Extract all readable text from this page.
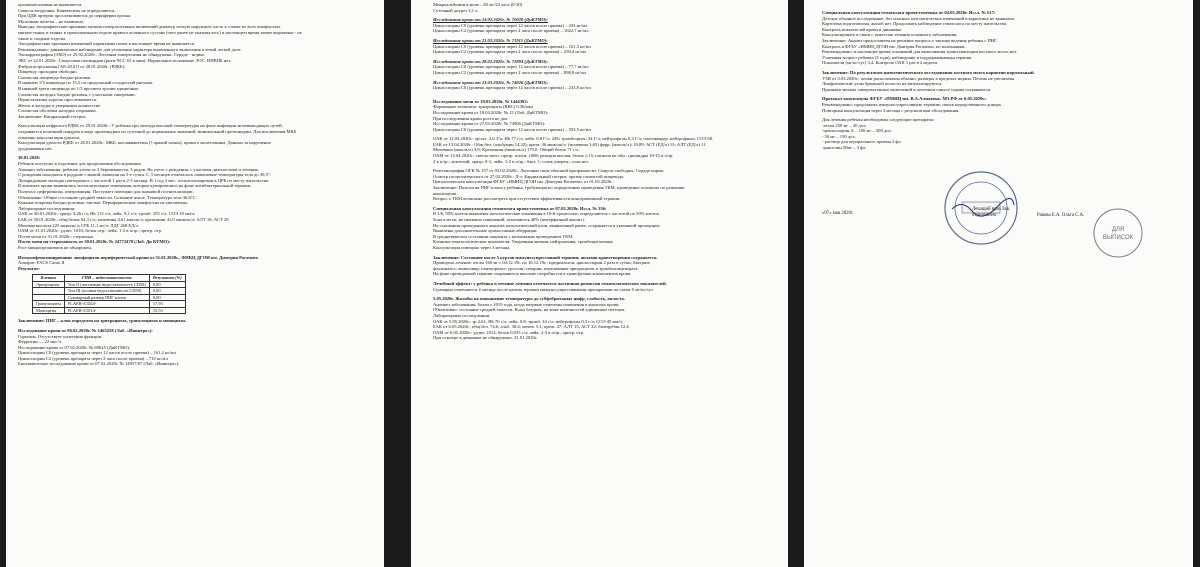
органомегалиями не выявляется.

Синусы воздушны. Конвекситы не определяются.

При ЦДК артерии прослеживаются до периферии органа.

Молочные железы – не выявлено.

Выводы: эхографические признаки мелких гиперэхогенных включений диаметр легкую наружную часть к стенке во всех лимфоузлах

мягкие ткани, в тканях в проксимальном отделе правого коленного сустава (чего ранее не указывалось) и настоящем время менее выражены - не

такие и сходные отделы.

Эхографические признаки изменений паренхимы почек в настоящее время не выявляется.

Рекомендовано: динамическое наблюдение для уточнения характера выявленного включения в левой легкой доле.

Эхокардиография (ЭХО) от 25.02.2020г.: Легочная гипертензия не обнаружена. Сердце - норма.

ЭКГ от 22.01.2020г.: Синусовая тахикардия (ритм ЧСС 65 в мин). Нормальное положение ЭОС. НПВПБ нет.

Фиброгастроскопия [АЕ:28.01] от 28.01.2020г. (РДКБ):

Пищевод: проходим свободно.

Слизистая пищевода бледно-розовая.

В нижнем 1/3 пищевода по 15,5 см продольный сосудистый рисунок.

В нижней трети пищевода по 1/5 просвета эрозии единичные.

Слизистая желудка бледно-розовая, с участками гиперемии.

Перистальтика хорошо прослеживается.

Желчь в желудке в умеренном количестве.

Слизистая оболочка желудка сохранена.

Заключение: Катаральный гастрит.

Консультация нефролога РДКБ от 29.01.2020г.: У ребенка три эпизода высокой температуры на фоне инфекции мочевыводящих путей,

сохраняется почечный синдром в виде протеинурии по суточной до нормальных значений, минимальной протеинурии. Для исключения МКБ

показано консультация уролога.

Консультация уролога РДКБ от 28.01.2020г.: МКБ, коллаквантемы (? правой почки), правого мочеточника. Данных за нарушение

уродинамики нет.

30.01.2020:

Ребенок поступил в отделение для продолжения обследования.

Анамнез заболевания: ребенок учтен от 3 беременности, 3 родов. На учете с рождения, с участием диагностики и лечения.

С рождения находился в роддоме с мамой, выписан на 5-е сутки. С 3 месяцев отмечалось повышение температуры тела до 39,5°.

Лихорадочные эпизоды повторялись с частотой 1 раз в 2-3 месяца. В 1 год 3 мес. госпитализирован в ЦРБ по месту жительства.

В анализах крови выявлялись воспалительные изменения, которые купировались на фоне антибактериальной терапии.

Получал: цефтриаксон, азитромицин. Поступает повторно для плановой госпитализации.

Объективно: Общее состояние средней тяжести. Сознание ясное. Температура тела 36,6°С.

Кожные покровы бледно-розовые, чистые. Периферические лимфоузлы не увеличены.

Лабораторные исследования:

ОАК от 30.01.2020г.: эритр. 4,26 г/л; Hb 113 г/л; лейк. 9,2 г/л; тромб. 355 г/л; СОЭ 18 мм/ч.

БАК от 30.01.2020г.: общ.белок 64,3 г/л; мочевина 4,61 ммоль/л; креатинин 41,0 мкмоль/л; АЛТ 16; АСТ 29.

Мочевая кислота 225 мкмоль/л; СРБ 11,1 мг/л; ЛДГ 268 ЕД/л.

ОАМ от 31.01.2020г.: уд.вес 1010; белок отр.; лейк. 1-2 в п/зр.; эритр. отр.

Посев мочи от 31.01.2020г.: стерильно.

Посев мочи на стерильность от 30.01.2020г. № 24773478 (Лаб. Дн КТМО):

Рост микроорганизмов не обнаружен.

Иммунофенотипирование лимфоцитов периферической крови от 31.01.2020г., ФНКЦ ДГОИ им. Дмитрия Рогачева

Аппарат: FACS Canto II

Результат:

Клетки	ГПИ – недостаточность	Результат (%)
Эритроциты	Тип II (частичная недостаточность CD59)	0,00
	Тип III (полная недостаточность CD59)	0,00
	Суммарный размер ПНГ клона	0,00
Гранулоциты	FLAER-/CD24-	17,93
Моноциты	FLAER-/CD14-	15,53

Заключение: ПНГ – клон определен на эритроцитах, гранулоцитах и моноцитах.

Исследование крови от 06.02.2020г. № 1465258 (Лаб. «Инвитро»):

Гормоны. Отсутствует угнетения функции.

Ферритин — 22 мкг/л.

Исследование крови от 07.02.2020г. № 69625 (ДнКТМО):

Циклоспорин C0 (уровень препарата через 12 часов после приема) – 161,2 нг/мл

Циклоспорин C2 (уровень препарата через 2 часа после приема) – 710 нг/мл

Биохимическое исследование крови от 07.02.2020г. № 14957/07 (Лаб. «Инвитро»):

Микроальбумин в моче – 65 мг/24 часа (0-30)

Суточный диурез 3,1 л.

Исследование крови от 14.02.2020г. № 70020 (ДнКТМО):

Циклоспорин C0 (уровень препарата через 12 часов после приема) – 233 нг/мл

Циклоспорин C2 (уровень препарата через 2 часа после приема) – 1022,7 нг/мл

Исследование крови от 21.02.2020г. № 71911 (ДнКТМО):

Циклоспорин C0 (уровень препарата через 12 часов после приема) – 161,3 нг/мл

Циклоспорин C2 (уровень препарата через 2 часа после приема) – 250,4 нг/мл

Исследование крови от 28.02.2020г. № 72894 (ДнКТМО):

Циклоспорин C0 (уровень препарата через 12 часов после приема) – 77,7 нг/мл

Циклоспорин C2 (уровень препарата через 2 часа после приема) – 898,8 нг/мл

Исследование крови от 13.03.2020г. № 74926 (ДнКТМО):

Циклоспорин C0 (уровень препарата через 12 часов после приема) – 233,8 нг/мл

Исследование мочи от 18.03.2020г. № 1444382:

Форменные элементы: эритроциты (RBC) 0,36/мкл

Исследование крови от 18.03.2020г. № 21 (Лаб. ДнКТМО):

При исследовании крови роста не дал

Исследование крови от 27.03.2020г. № 74906 (ДнКТМО):

Циклоспорин C0 (уровень препарата через 12 часов после приема) – 353,5 нг/мл

ОАК от 12.04.2020г.: эр/тах. 2,6 Т/л; Hb 77 г/л; лейк. 0,8 Г/л; 24% тромбоциты; 34 Г/л; нейтрофилы 0,3 Г/л; палочкоядер. нейтрофилы; СОЭ 68.

БАК от 13.04.2020г.: Общ.бел. (альбумин 14,32); креат. 46 мкмоль/л; (мочевина 3,65) ферр. (ммоль/л); 10,89; АСТ (ЕД/л) 13; АЛТ (ЕД/л) 11.

Мочевина (ммоль/л) 3,9; Креатинин (мкмоль/л) 179,0. Общий белок 71 г/л.

ОАМ от 13.04.2020г.: светло-желт. прозр. плотн. 1008; реакция кислая; белок 1,15; глюкоза не обн.; цилиндры 10-15 в п/зр.

2 в п/зр.; эпителий, эритр. 0-1; лейк. 1-2 в п/зр.; бакт. 1; слизь умерен.; соли нет.

Рентгенография ОГК № 157 от 03.02.2020г.: Легочные поля обычной прозрачности. Синусы свободны. Сердце норма.

Осмотр гастроэнтеролога от 27.02.2020г.: Д-з: Кардиальный гастрит, эрозия слизистой пищевода.

Цитологическая консультация ФГБУ «НМИЦ ДГОИ им. Дмитрия Рогачева» от 01.03.2020г.:

Заключение: Патология ПНГ-клона у ребенка, требующая по определению проведения ТКМ, проведение отложено по решению

консилиума.

Вопрос о ТКМ возможно рассмотреть при отсутствии эффективности консервативной терапии.

Специальная консультация гематолога врача-генетика от 07.02.2020г. Иссл. № 356:

В 1/6, 50% клеток выявлены патологические изменения в 16-й хромосоме; определяются с частотой по 50% клеток.

Зона клеток, не имевших изменений, отмечаются 40% (интерфазный анализ).

На основании проведенного анализа патологический клон, выявленный ранее, сохраняется в указанной пропорции.

Выявлены дополнительные хромосомные аберрации.

В среднетяжелом состоянии пациента с возможным проведением ТКМ.

Клинико-гематологические показатели: Умеренная анемия, нейтропения, тромбоцитопения.

Консультация повторно через 3 месяца.

Заключение: Состояние после 5 курсов иммуносупрессивной терапии; аплазия кроветворения сохраняется.

Проведено лечение: атгам 160 мг с 04.12.19г. по 16.12.19г.; преднизолон; циклоспорин 2 раза в сутки; бактрим;

флуконазол; ацикловир; пантопразол; урсосан; гепарин; переливание эритроцитов и тромбоконцентрата.

На фоне проведенной терапии сохраняются высокие потребности в трансфузиях компонентов крови.

Лечебный эффект: у ребенка в течение лечения отмечается частичная ремиссия гематологических показателей.

Суммарно отмечаются 4 месяца после начала терапии иммуносупрессивными препаратами по схеме 5 мг/кг/сут.

5.05.2020г. Жалобы на повышение температуры до субфебрильных цифр, слабость, вялость.

Анамнез заболевания: болен с 2019 года, когда впервые отмечены изменения в анализах крови.

Объективно: состояние средней тяжести. Кожа бледная, на коже конечностей единичные петехии.

Лабораторные исследования:

ОАК от 5.05.2020г.: эр 2,61; Hb 76 г/л; лейк. 0,8; тромб. 34 г/л; нейтрофилы 0,3 г/л; СОЭ 45 мм/ч.

БАК от 6.05.2020г.: общ.бел. 74,6; альб. 38,4; мочев. 5,1; креат. 47; АЛТ 15; АСТ 22; билирубин 12,4.

ОАМ от 6.05.2020г.: уд.вес 1012; белок 0,033 г/л; лейк. 2-3 в п/зр.; эритр. отр.

При осмотре в динамике не обнаружено. 31.01.2020г.

Специальная консультация гематолога врача-генетика от 04.05.2020г. Иссл. № 617:

Детское обычное исследование, без опасных патологических изменений в кариотипе не выявлено.

Картотека подготовлена, жалоб нет. Продолжать наблюдение гематолога по месту жительства.

Контроль показателей крови в динамике.

Консультировать в связи с тяжестью течения основного заболевания.

Заключение: Анализ предоставлен на решение вопроса о тактике ведения ребенка с ПНГ.

Контроль в ФГБУ «НМИЦ ДГОИ им. Дмитрия Рогачева» по показаниям.

Рекомендовано: в настоящее время оснований для выполнения трансплантации костного мозга нет.

Учитывая возраст ребенка (3 года), наблюдение и поддерживающая терапия.

Показатели (мг/кг/сут) 3,4. Контроль ОАК 1 раз в 2 недели.

Заключение: По результатам цитогенетического исследования костного мозга кариотип нормальный.

УЗИ от 3.03.2020г.: почки расположены обычно, размеры в пределах нормы. Печень не увеличена.

Лимфатические узлы брюшной полости не визуализируются.

Признаки мелких гиперэхогенных включений в почечном синусе справа сохраняются.

Протокол консилиума ФГБУ «НМИЦ им. В.А.Алмазова» МЗ РФ от 6.05.2020г.:

Рекомендовано: продолжить иммуносупрессивную терапию, поиск неродственного донора.

Повторная консультация через 3 месяца с результатами обследования.

Для лечения ребенка необходимы следующие препараты:

-атгам 250 мг – 20 доз;

-циклоспорин А – 100 мг – 500 доз;

- 50 мг – 150 доз;

- раствор для перорального приема 2 фл.

-ранселин 50мг – 3 фл.

«07» мая 2020г.
Лечащий врач Зав. отделением	Ракова Е.А. Ольга С.А.
ДЛЯ
ВЫПИСОК
